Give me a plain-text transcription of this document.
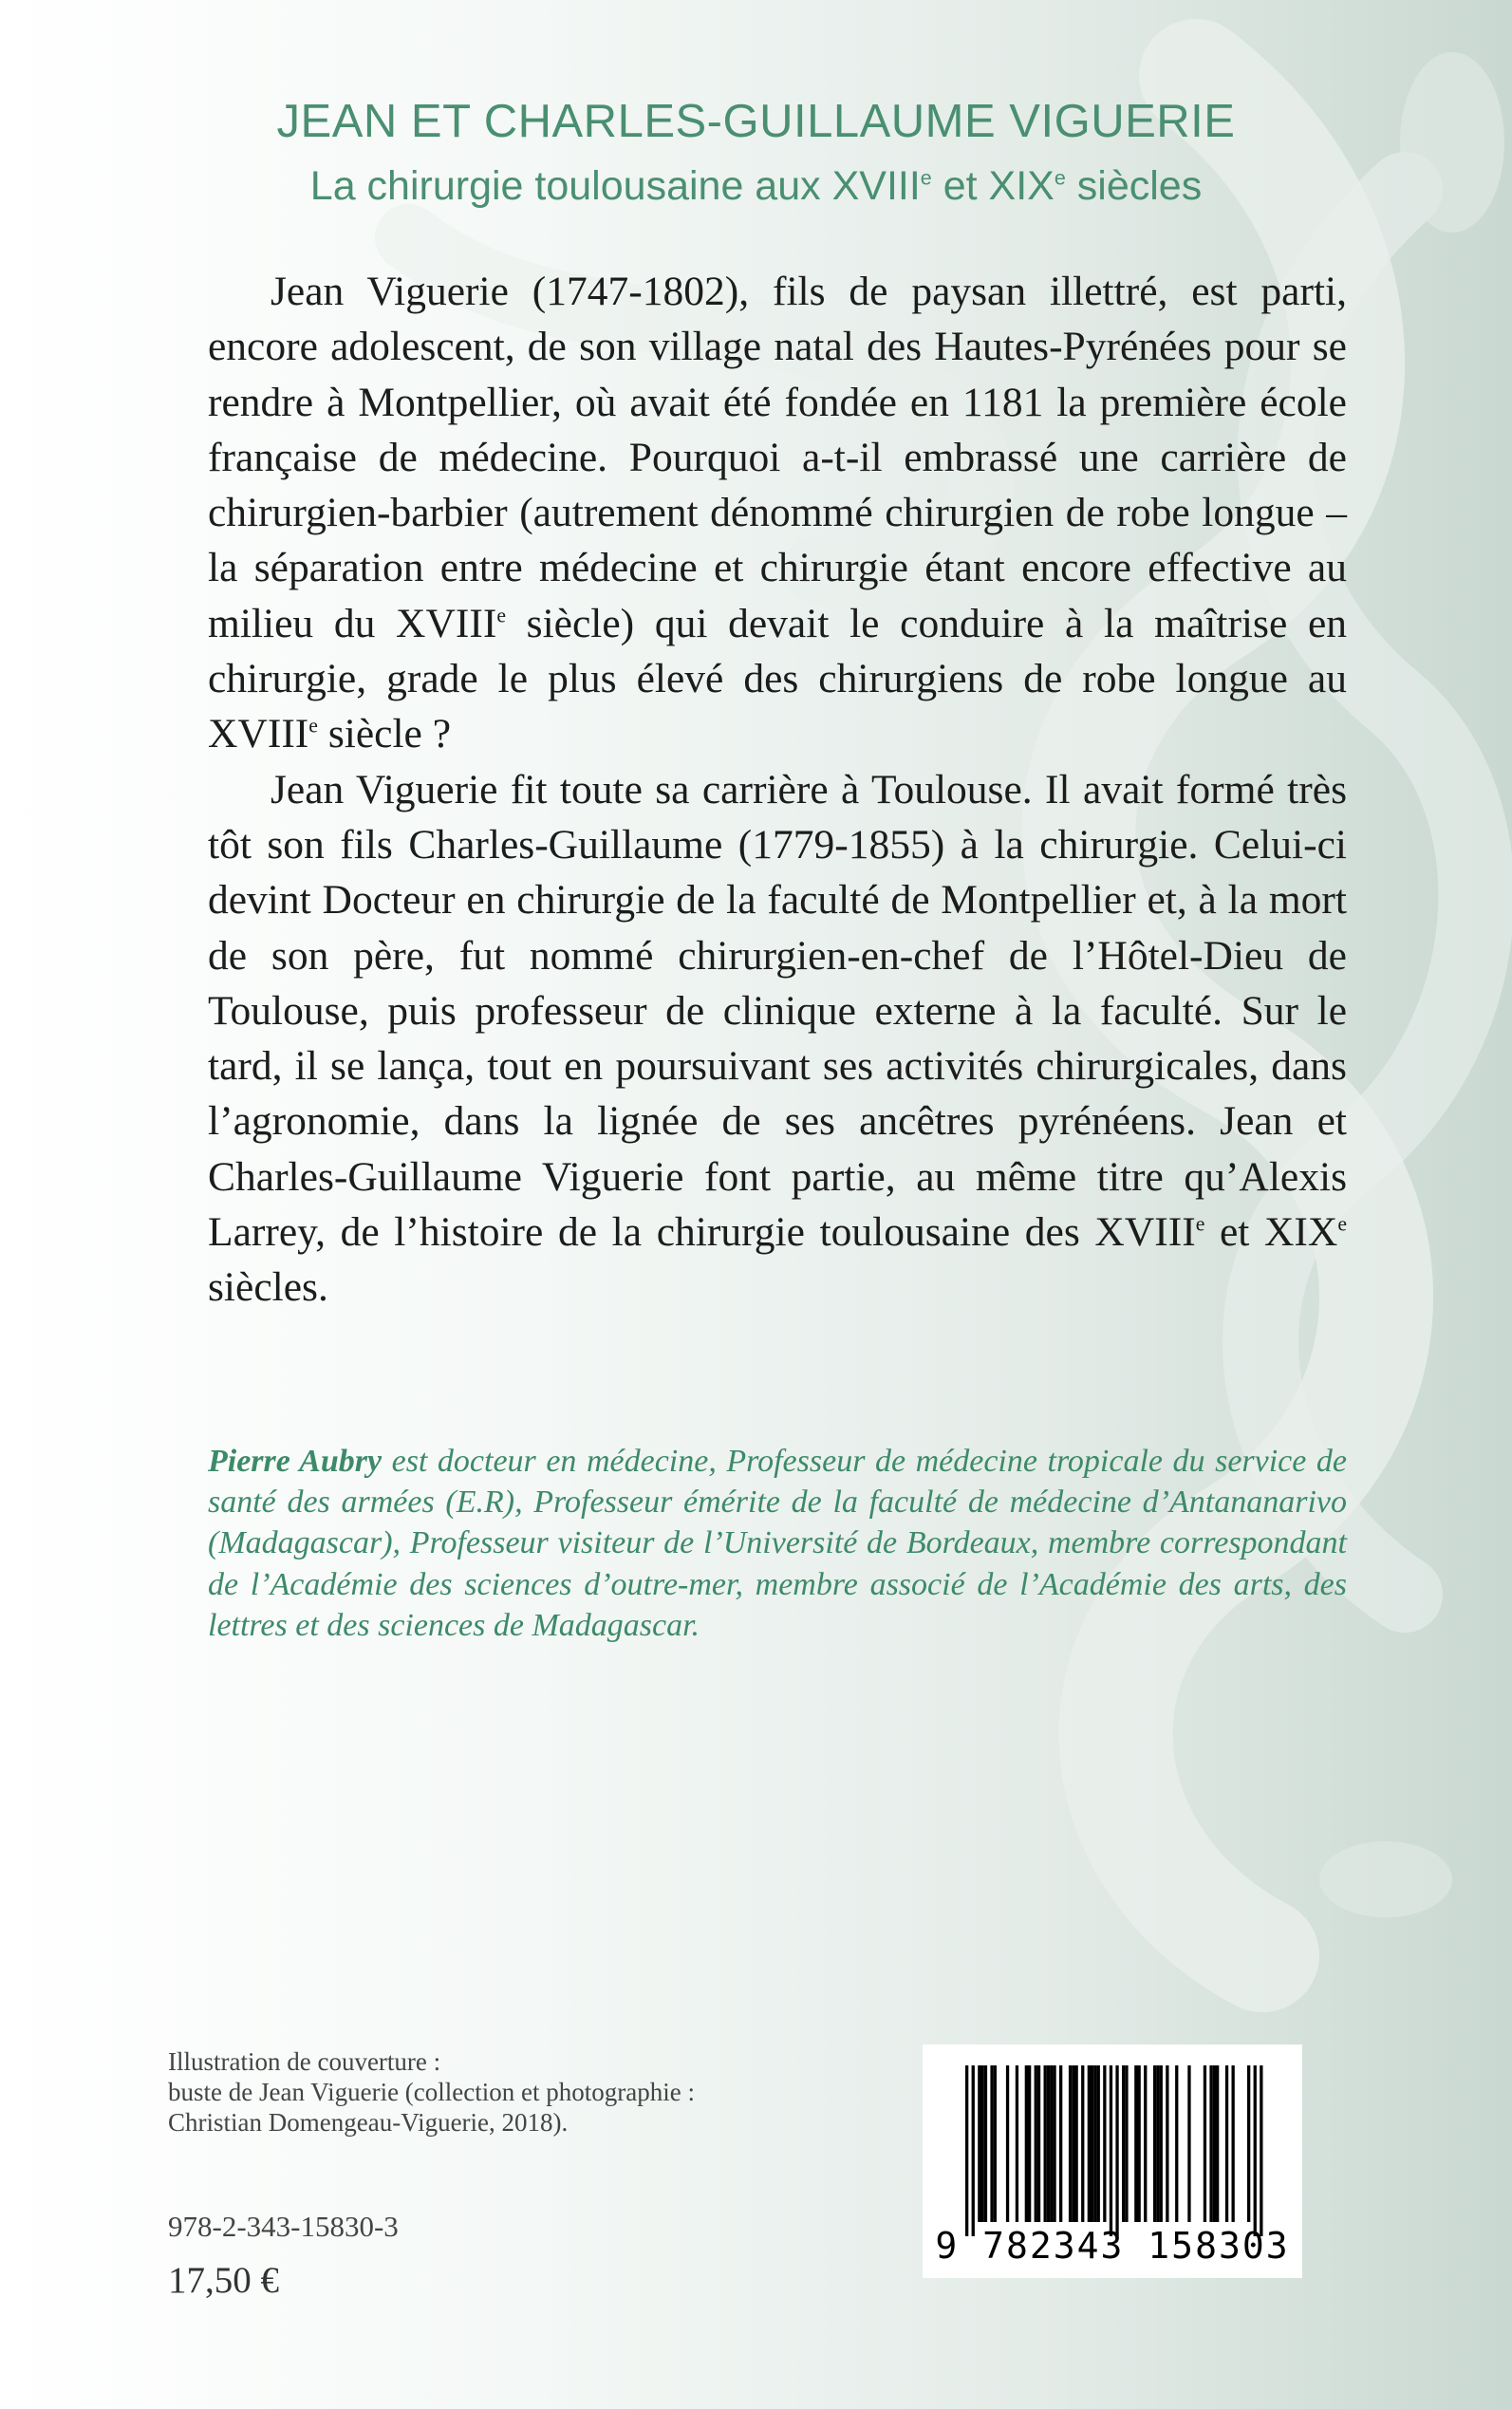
JEAN ET CHARLES-GUILLAUME VIGUERIE
La chirurgie toulousaine aux XVIIIe et XIXe siècles

Jean Viguerie (1747-1802), fils de paysan illettré, est parti, encore adolescent, de son village natal des Hautes-Pyrénées pour se rendre à Montpellier, où avait été fondée en 1181 la première école française de médecine. Pourquoi a-t-il embrassé une carrière de chirurgien-barbier (autrement dénommé chirurgien de robe longue – la séparation entre médecine et chirurgie étant encore effective au milieu du XVIIIe siècle) qui devait le conduire à la maîtrise en chirurgie, grade le plus élevé des chirurgiens de robe longue au XVIIIe siècle ?

Jean Viguerie fit toute sa carrière à Toulouse. Il avait formé très tôt son fils Charles-Guillaume (1779-1855) à la chirurgie. Celui-ci devint Docteur en chirurgie de la faculté de Montpellier et, à la mort de son père, fut nommé chirurgien-en-chef de l’Hôtel-Dieu de Toulouse, puis professeur de clinique externe à la faculté. Sur le tard, il se lança, tout en poursuivant ses activités chirurgicales, dans l’agronomie, dans la lignée de ses ancêtres pyrénéens. Jean et Charles-Guillaume Viguerie font partie, au même titre qu’Alexis Larrey, de l’histoire de la chirurgie toulousaine des XVIIIe et XIXe siècles.

Pierre Aubry est docteur en médecine, Professeur de médecine tropicale du service de santé des armées (E.R), Professeur émérite de la faculté de médecine d’Antananarivo (Madagascar), Professeur visiteur de l’Université de Bordeaux, membre correspondant de l’Académie des sciences d’outre-mer, membre associé de l’Académie des arts, des lettres et des sciences de Madagascar.

Illustration de couverture :
buste de Jean Viguerie (collection et photographie :
Christian Domengeau-Viguerie, 2018).

978-2-343-15830-3

17,50 €

9 782343 158303
